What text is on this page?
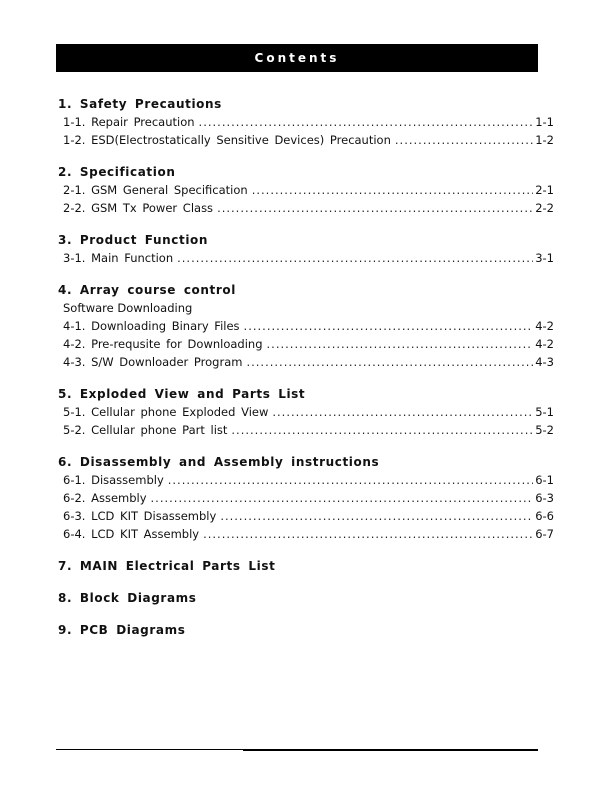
Contents
1. Safety Precautions
1-1. Repair Precaution .....	1-1
1-2. ESD(Electrostatically Sensitive Devices) Precaution .....	1-2
2. Specification
2-1. GSM General Specification .....	2-1
2-2. GSM Tx Power Class .....	2-2
3. Product Function
3-1. Main Function .....	3-1
4. Array course control
Software Downloading
4-1. Downloading Binary Files .....	4-2
4-2. Pre-requsite for Downloading .....	4-2
4-3. S/W Downloader Program .....	4-3
5. Exploded View and Parts List
5-1. Cellular phone Exploded View .....	5-1
5-2. Cellular phone Part list .....	5-2
6. Disassembly and Assembly instructions
6-1. Disassembly .....	6-1
6-2. Assembly .....	6-3
6-3. LCD KIT Disassembly .....	6-6
6-4. LCD KIT Assembly .....	6-7
7. MAIN Electrical Parts List
8. Block Diagrams
9. PCB Diagrams
